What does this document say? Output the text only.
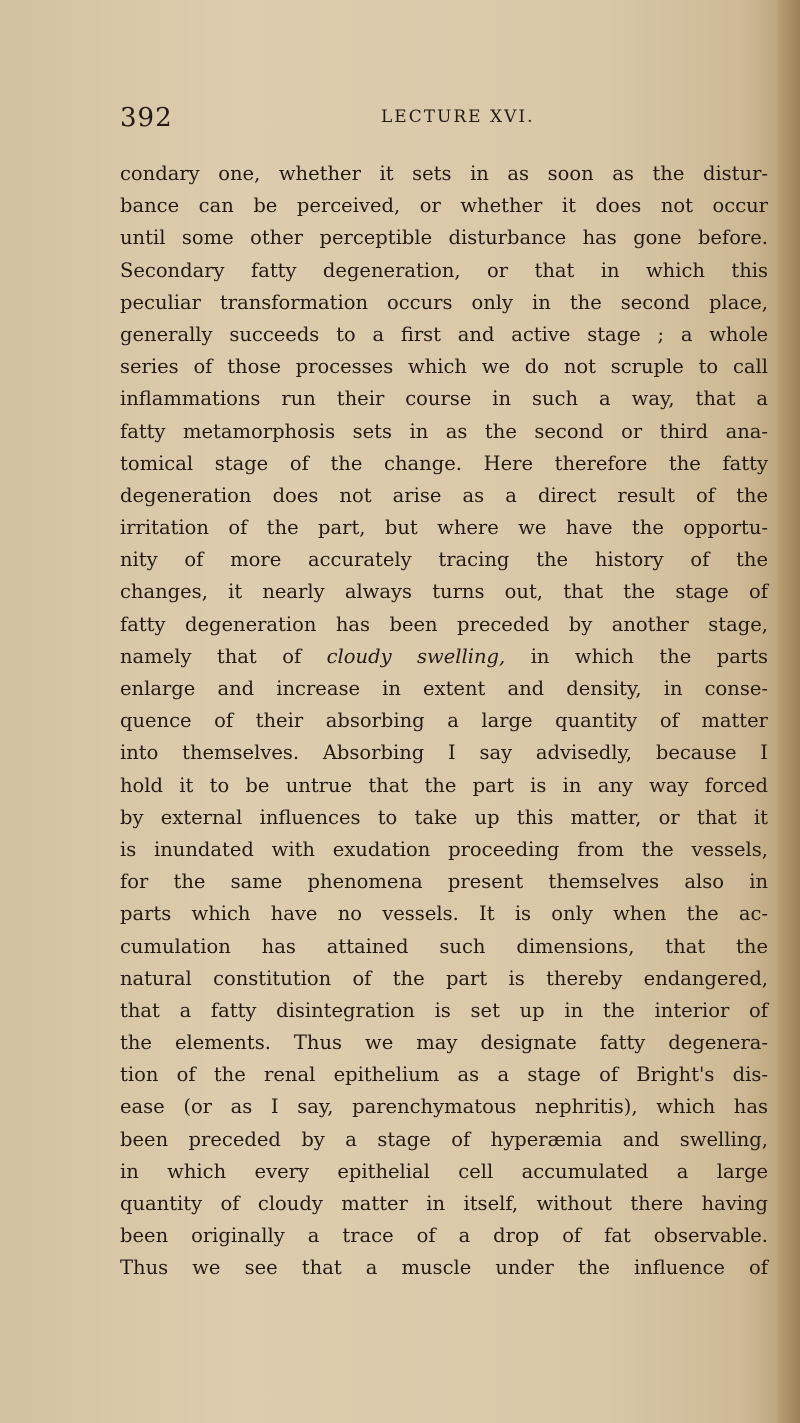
392	LECTURE XVI.
condary one, whether it sets in as soon as the distur-
bance can be perceived, or whether it does not occur
until some other perceptible disturbance has gone before.
Secondary fatty degeneration, or that in which this
peculiar transformation occurs only in the second place,
generally succeeds to a first and active stage ; a whole
series of those processes which we do not scruple to call
inflammations run their course in such a way, that a
fatty metamorphosis sets in as the second or third ana-
tomical stage of the change. Here therefore the fatty
degeneration does not arise as a direct result of the
irritation of the part, but where we have the opportu-
nity of more accurately tracing the history of the
changes, it nearly always turns out, that the stage of
fatty degeneration has been preceded by another stage,
namely that of cloudy swelling, in which the parts
enlarge and increase in extent and density, in conse-
quence of their absorbing a large quantity of matter
into themselves. Absorbing I say advisedly, because I
hold it to be untrue that the part is in any way forced
by external influences to take up this matter, or that it
is inundated with exudation proceeding from the vessels,
for the same phenomena present themselves also in
parts which have no vessels. It is only when the ac-
cumulation has attained such dimensions, that the
natural constitution of the part is thereby endangered,
that a fatty disintegration is set up in the interior of
the elements. Thus we may designate fatty degenera-
tion of the renal epithelium as a stage of Bright's dis-
ease (or as I say, parenchymatous nephritis), which has
been preceded by a stage of hyperæmia and swelling,
in which every epithelial cell accumulated a large
quantity of cloudy matter in itself, without there having
been originally a trace of a drop of fat observable.
Thus we see that a muscle under the influence of
